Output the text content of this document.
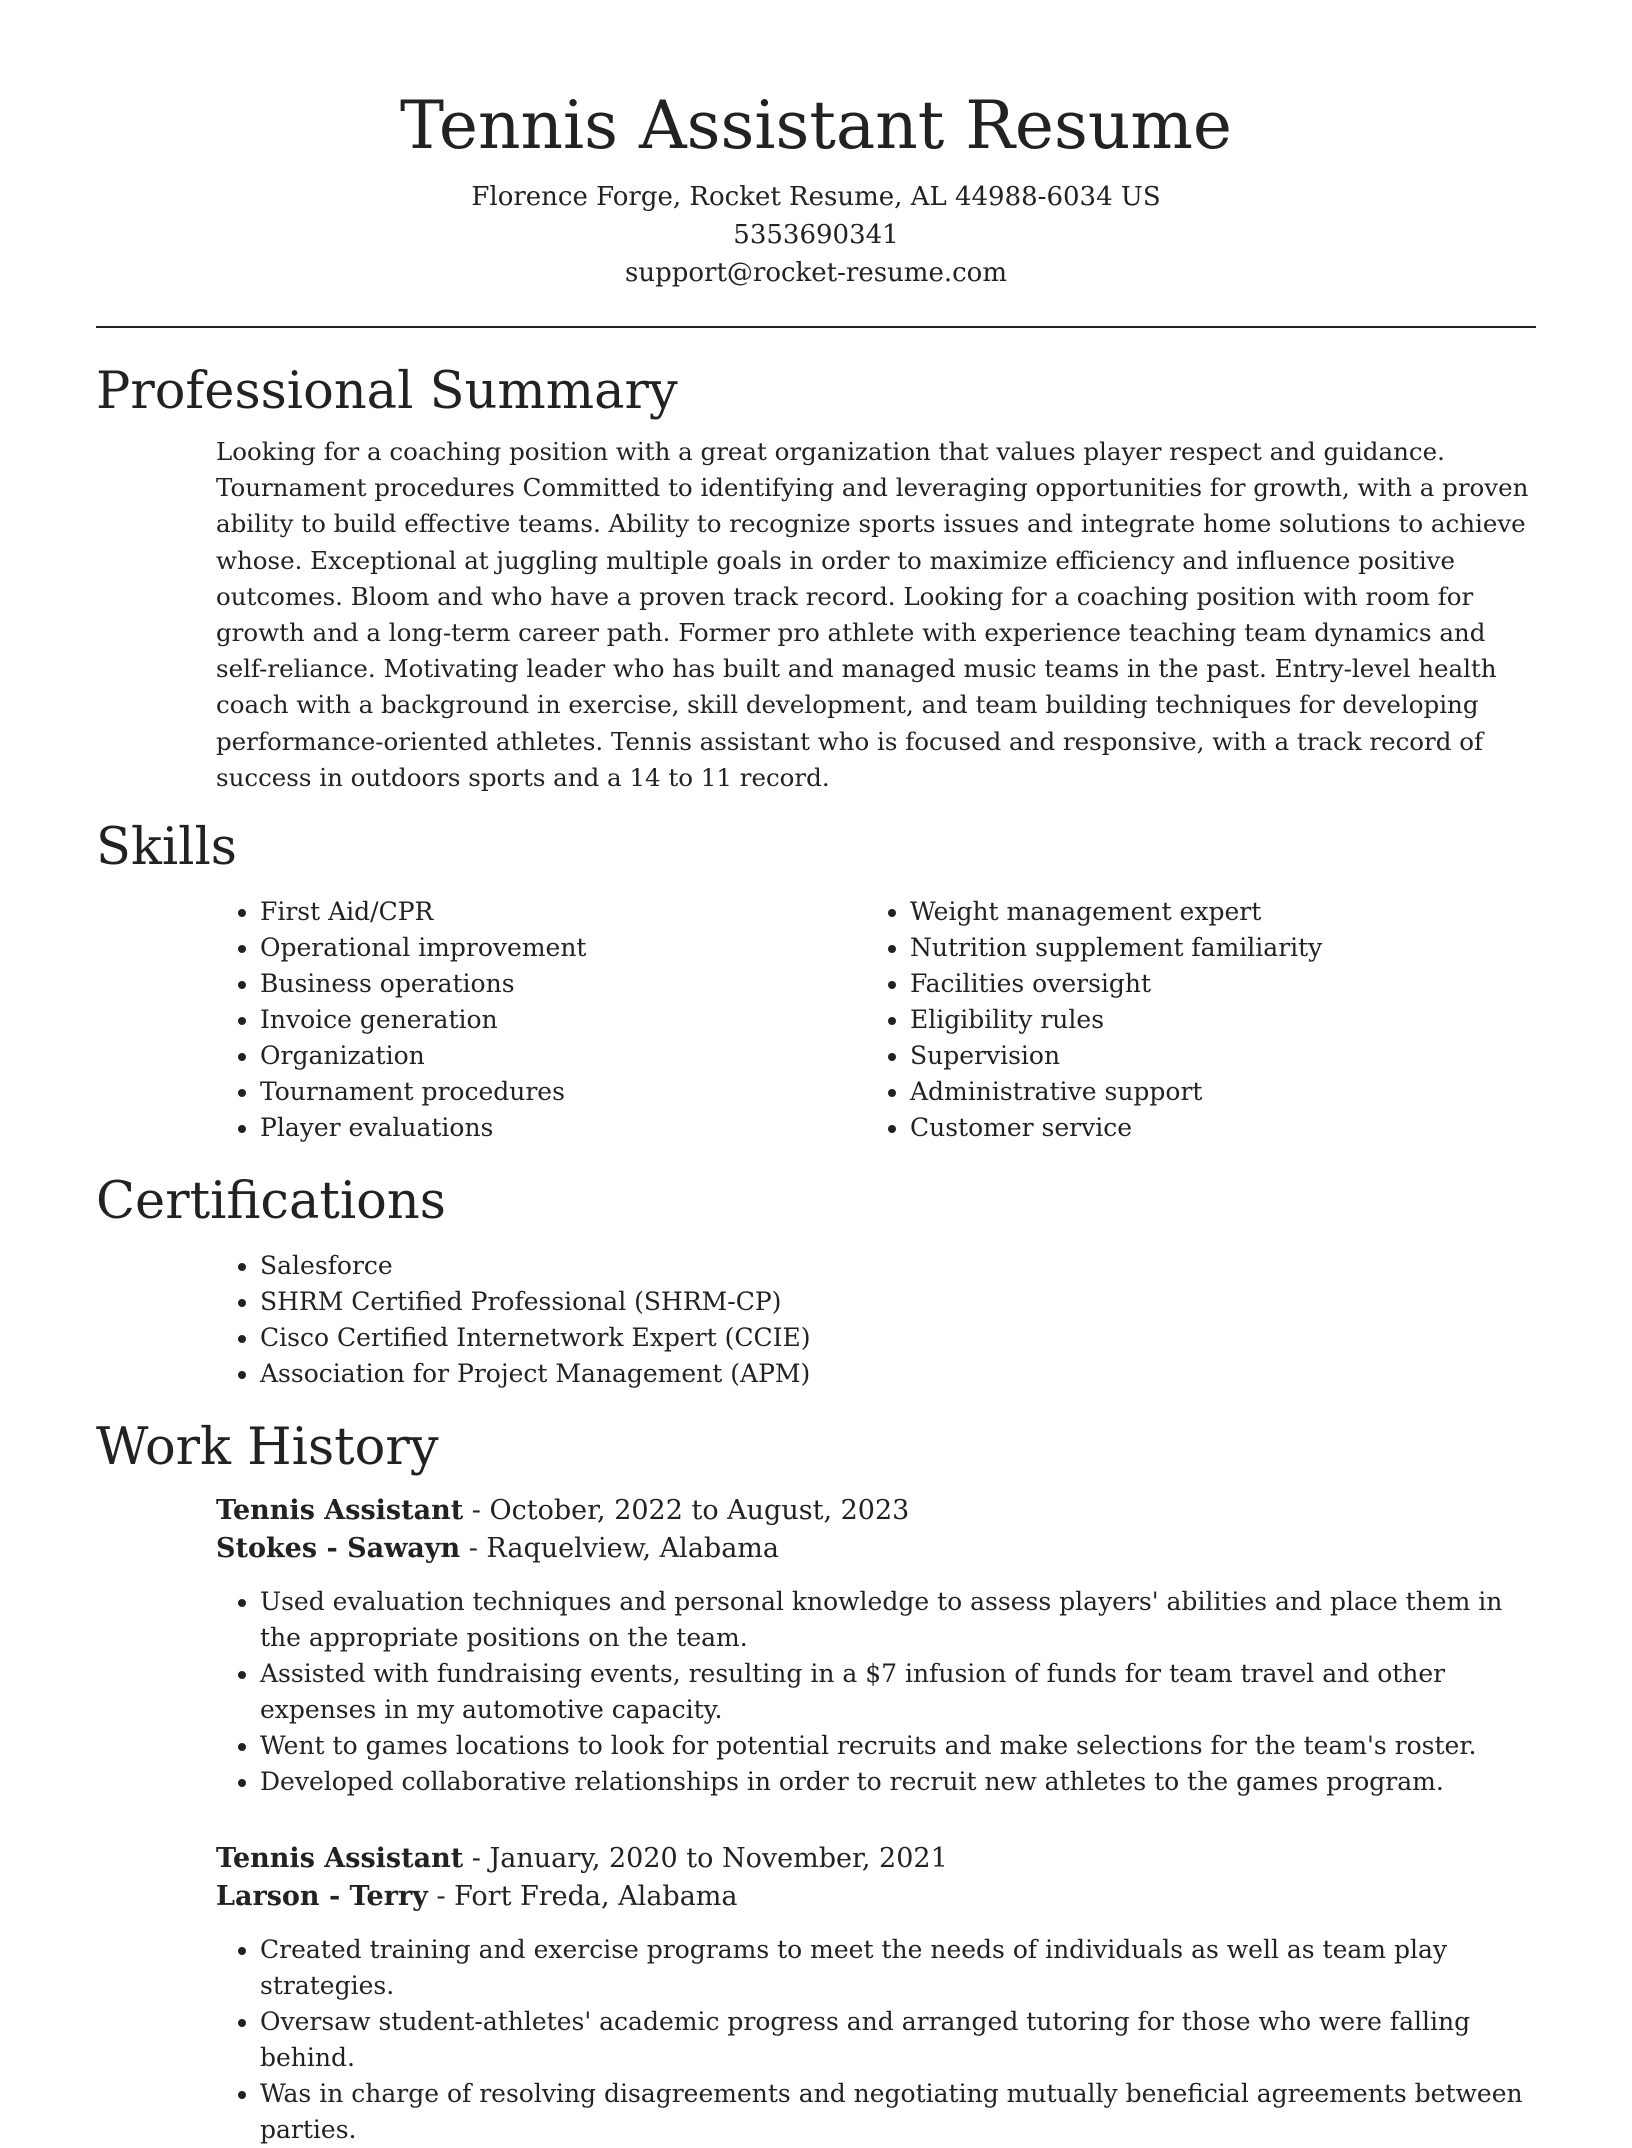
Tennis Assistant Resume
Florence Forge, Rocket Resume, AL 44988-6034 US
5353690341
support@rocket-resume.com
Professional Summary

Looking for a coaching position with a great organization that values player respect and guidance. Tournament procedures Committed to identifying and leveraging opportunities for growth, with a proven ability to build effective teams. Ability to recognize sports issues and integrate home solutions to achieve whose. Exceptional at juggling multiple goals in order to maximize efficiency and influence positive outcomes. Bloom and who have a proven track record. Looking for a coaching position with room for growth and a long-term career path. Former pro athlete with experience teaching team dynamics and self-reliance. Motivating leader who has built and managed music teams in the past. Entry-level health coach with a background in exercise, skill development, and team building techniques for developing performance-oriented athletes. Tennis assistant who is focused and responsive, with a track record of success in outdoors sports and a 14 to 11 record.

Skills
• First Aid/CPR
• Operational improvement
• Business operations
• Invoice generation
• Organization
• Tournament procedures
• Player evaluations
• Weight management expert
• Nutrition supplement familiarity
• Facilities oversight
• Eligibility rules
• Supervision
• Administrative support
• Customer service
Certifications
• Salesforce
• SHRM Certified Professional (SHRM-CP)
• Cisco Certified Internetwork Expert (CCIE)
• Association for Project Management (APM)
Work History
Tennis Assistant - October, 2022 to August, 2023
Stokes - Sawayn - Raquelview, Alabama
• Used evaluation techniques and personal knowledge to assess players' abilities and place them in the appropriate positions on the team.
• Assisted with fundraising events, resulting in a $7 infusion of funds for team travel and other expenses in my automotive capacity.
• Went to games locations to look for potential recruits and make selections for the team's roster.
• Developed collaborative relationships in order to recruit new athletes to the games program.
Tennis Assistant - January, 2020 to November, 2021
Larson - Terry - Fort Freda, Alabama
• Created training and exercise programs to meet the needs of individuals as well as team play strategies.
• Oversaw student-athletes' academic progress and arranged tutoring for those who were falling behind.
• Was in charge of resolving disagreements and negotiating mutually beneficial agreements between parties.
